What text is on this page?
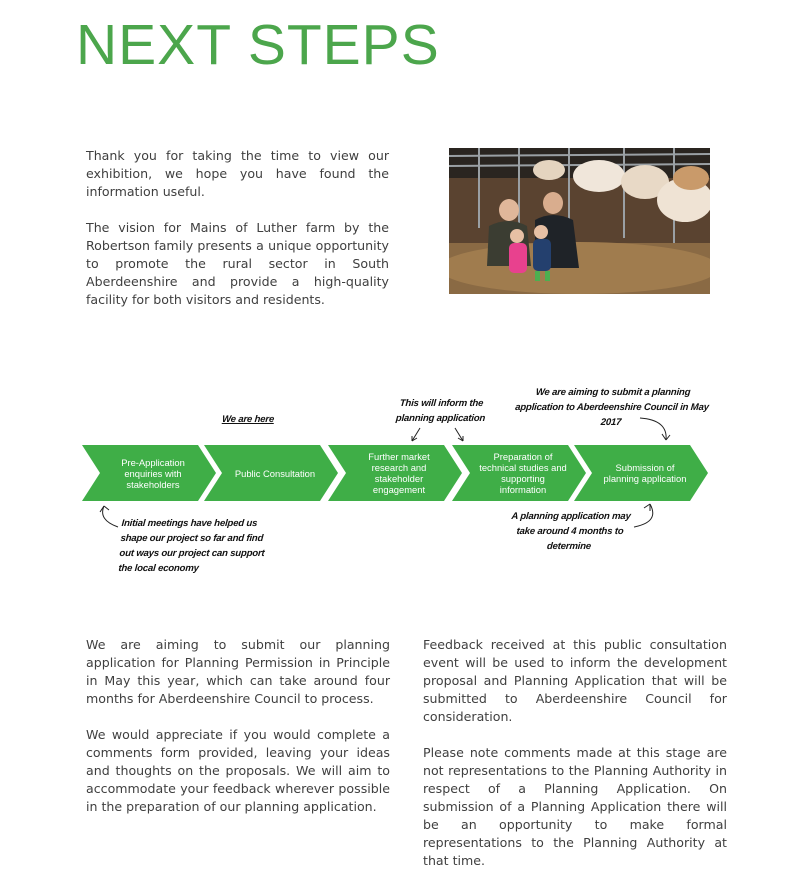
NEXT STEPS

Thank you for taking the time to view our exhibition, we hope you have found the information useful.

The vision for Mains of Luther farm by the Robertson family presents a unique opportunity to promote the rural sector in South Aberdeenshire and provide a high-quality facility for both visitors and residents.

Pre-Application enquiries with stakeholders
Public Consultation
Further market research and stakeholder engagement
Preparation of technical studies and supporting information
Submission of planning application
We are here
This will inform the planning application
We are aiming to submit a planning application to Aberdeenshire Council in May 2017
Initial meetings have helped us shape our project so far and find out ways our project can support the local economy
A planning application may take around 4 months to determine

We are aiming to submit our planning application for Planning Permission in Principle in May this year, which can take around four months for Aberdeenshire Council to process.

We would appreciate if you would complete a comments form provided, leaving your ideas and thoughts on the proposals. We will aim to accommodate your feedback wherever possible in the preparation of our planning application.

Feedback received at this public consultation event will be used to inform the development proposal and Planning Application that will be submitted to Aberdeenshire Council for consideration.

Please note comments made at this stage are not representations to the Planning Authority in respect of a Planning Application. On submission of a Planning Application there will be an opportunity to make formal representations to the Planning Authority at that time.
